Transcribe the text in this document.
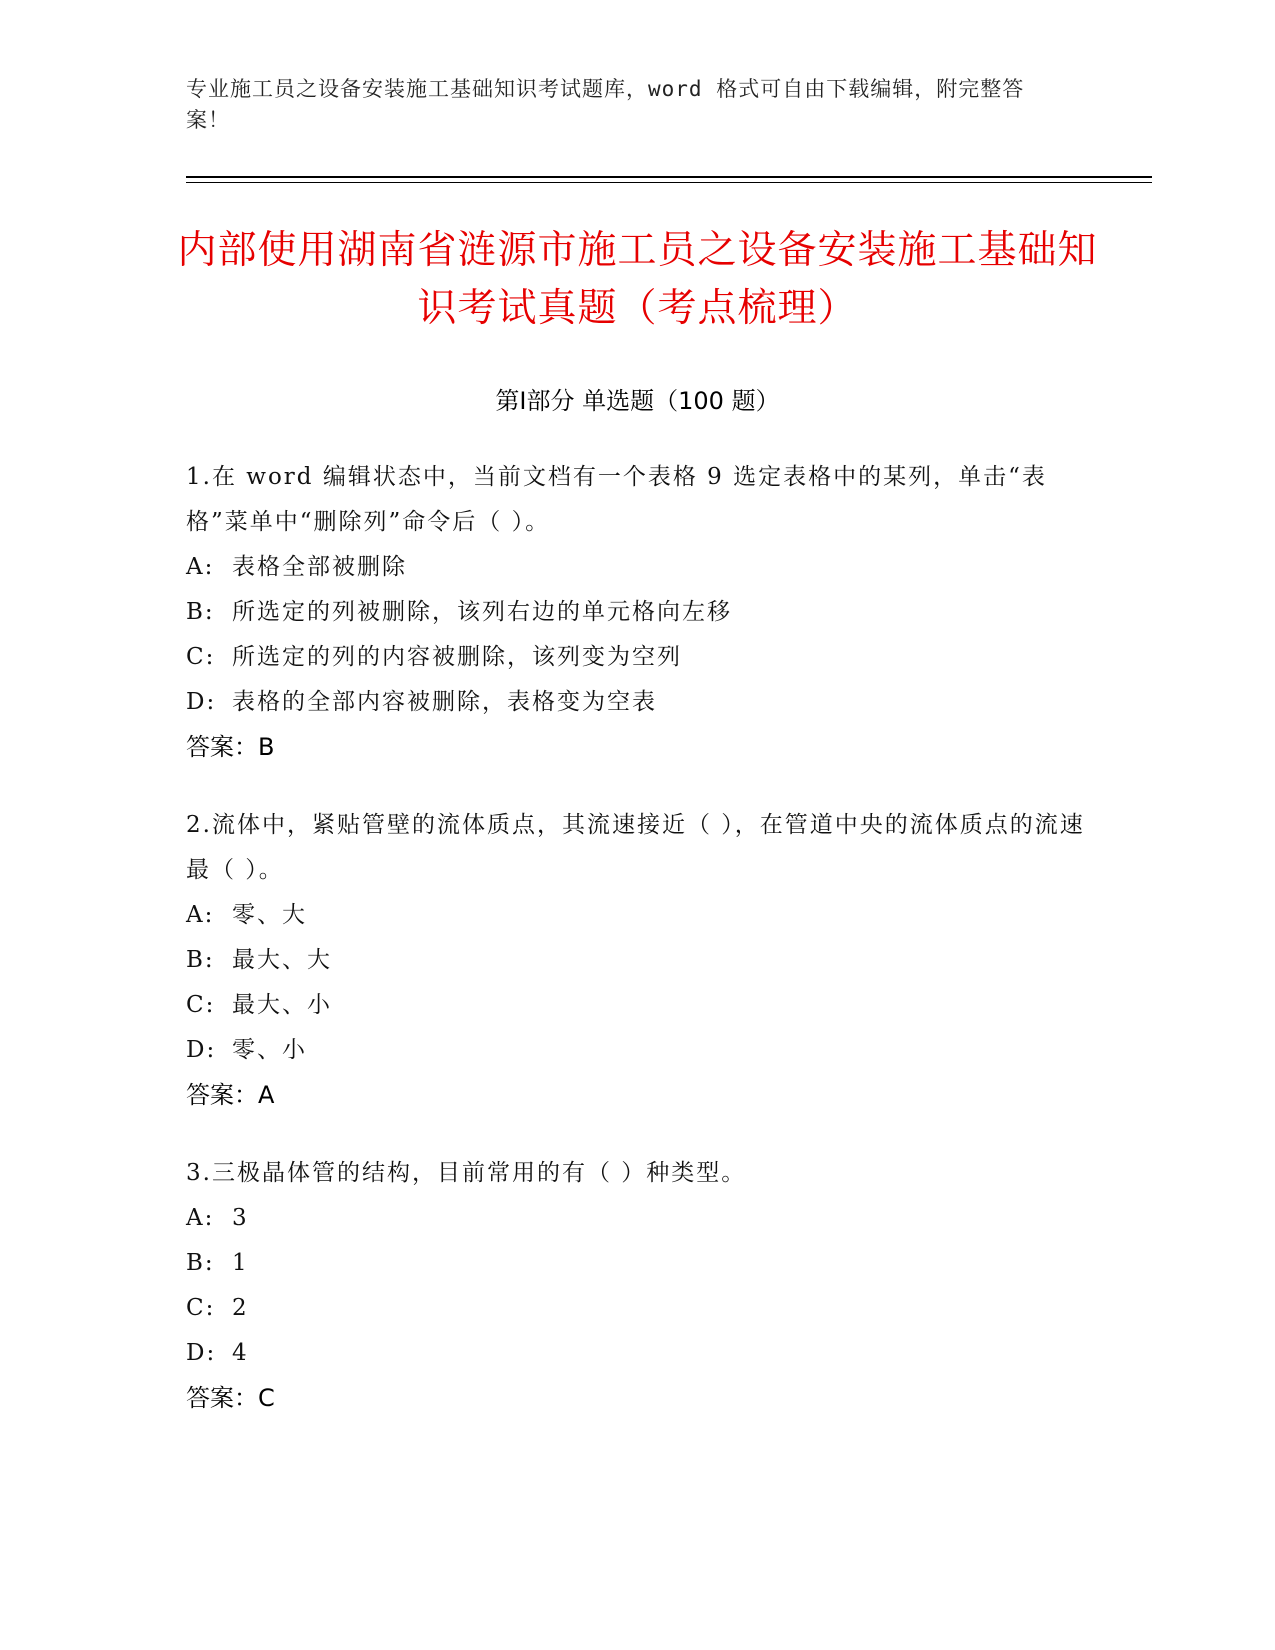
专业施工员之设备安装施工基础知识考试题库，word 格式可自由下载编辑，附完整答案！
内部使用湖南省涟源市施工员之设备安装施工基础知识考试真题（考点梳理）
第Ⅰ部分 单选题（100 题）
1.在 word 编辑状态中，当前文档有一个表格 9 选定表格中的某列，单击“表格”菜单中“删除列”命令后（ ）。
A: 表格全部被删除
B: 所选定的列被删除，该列右边的单元格向左移
C: 所选定的列的内容被删除，该列变为空列
D: 表格的全部内容被删除，表格变为空表
答案：B
2.流体中，紧贴管壁的流体质点，其流速接近（ ），在管道中央的流体质点的流速最（ ）。
A: 零、大
B: 最大、大
C: 最大、小
D: 零、小
答案：A
3.三极晶体管的结构，目前常用的有（ ）种类型。
A: 3
B: 1
C: 2
D: 4
答案：C
